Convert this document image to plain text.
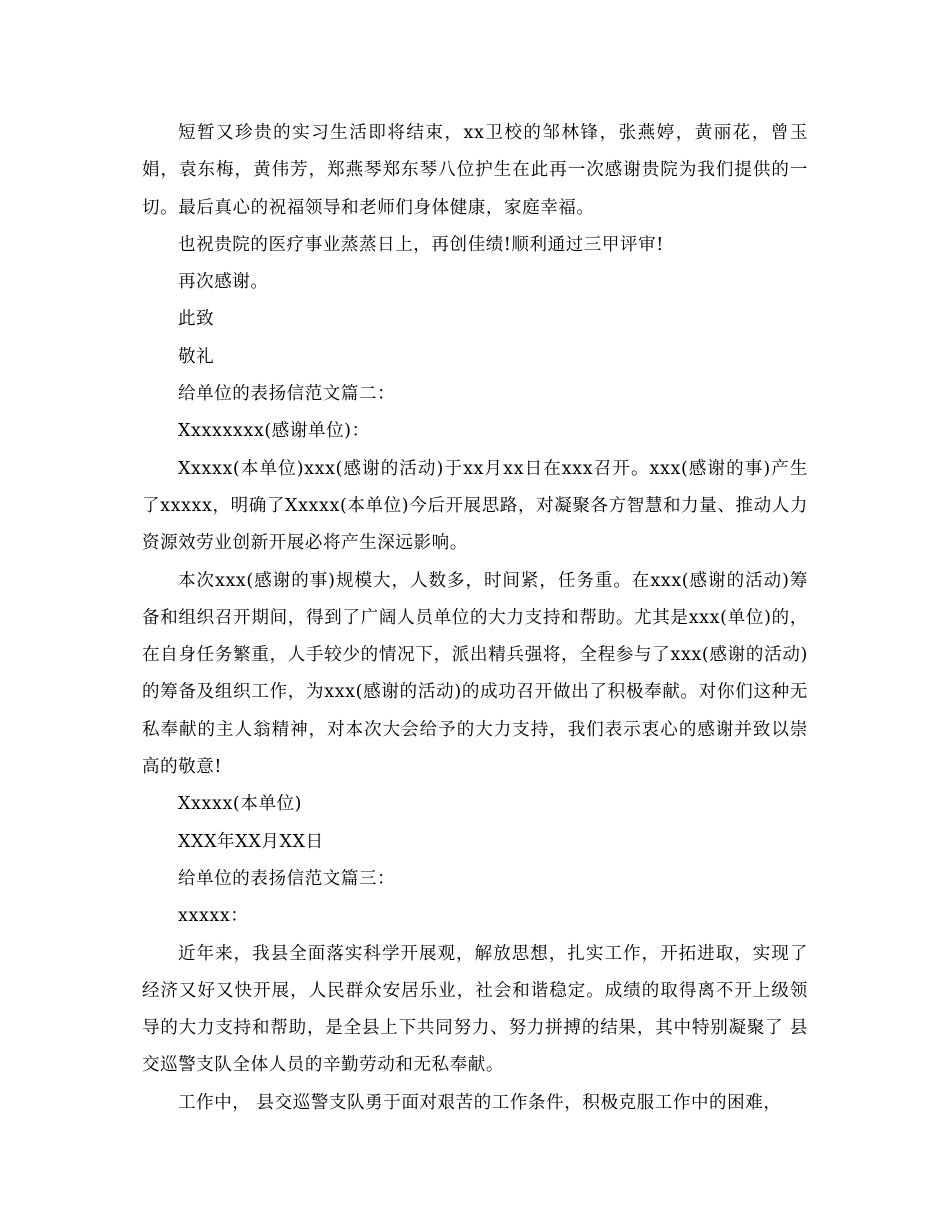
短暂又珍贵的实习生活即将结束，xx卫校的邹林锋，张燕婷，黄丽花，曾玉娟，袁东梅，黄伟芳，郑燕琴郑东琴八位护生在此再一次感谢贵院为我们提供的一切。最后真心的祝福领导和老师们身体健康，家庭幸福。

也祝贵院的医疗事业蒸蒸日上，再创佳绩!顺利通过三甲评审!

再次感谢。

此致

敬礼

给单位的表扬信范文篇二：

Xxxxxxxx(感谢单位)：

Xxxxx(本单位)xxx(感谢的活动)于xx月xx日在xxx召开。xxx(感谢的事)产生了xxxxx，明确了Xxxxx(本单位)今后开展思路，对凝聚各方智慧和力量、推动人力资源效劳业创新开展必将产生深远影响。

本次xxx(感谢的事)规模大，人数多，时间紧，任务重。在xxx(感谢的活动)筹备和组织召开期间，得到了广阔人员单位的大力支持和帮助。尤其是xxx(单位)的，在自身任务繁重，人手较少的情况下，派出精兵强将，全程参与了xxx(感谢的活动)的筹备及组织工作，为xxx(感谢的活动)的成功召开做出了积极奉献。对你们这种无私奉献的主人翁精神，对本次大会给予的大力支持，我们表示衷心的感谢并致以崇高的敬意!

Xxxxx(本单位)

XXX年XX月XX日

给单位的表扬信范文篇三：

xxxxx：

近年来，我县全面落实科学开展观，解放思想，扎实工作，开拓进取，实现了经济又好又快开展，人民群众安居乐业，社会和谐稳定。成绩的取得离不开上级领导的大力支持和帮助，是全县上下共同努力、努力拼搏的结果，其中特别凝聚了 县交巡警支队全体人员的辛勤劳动和无私奉献。

工作中， 县交巡警支队勇于面对艰苦的工作条件，积极克服工作中的困难，
